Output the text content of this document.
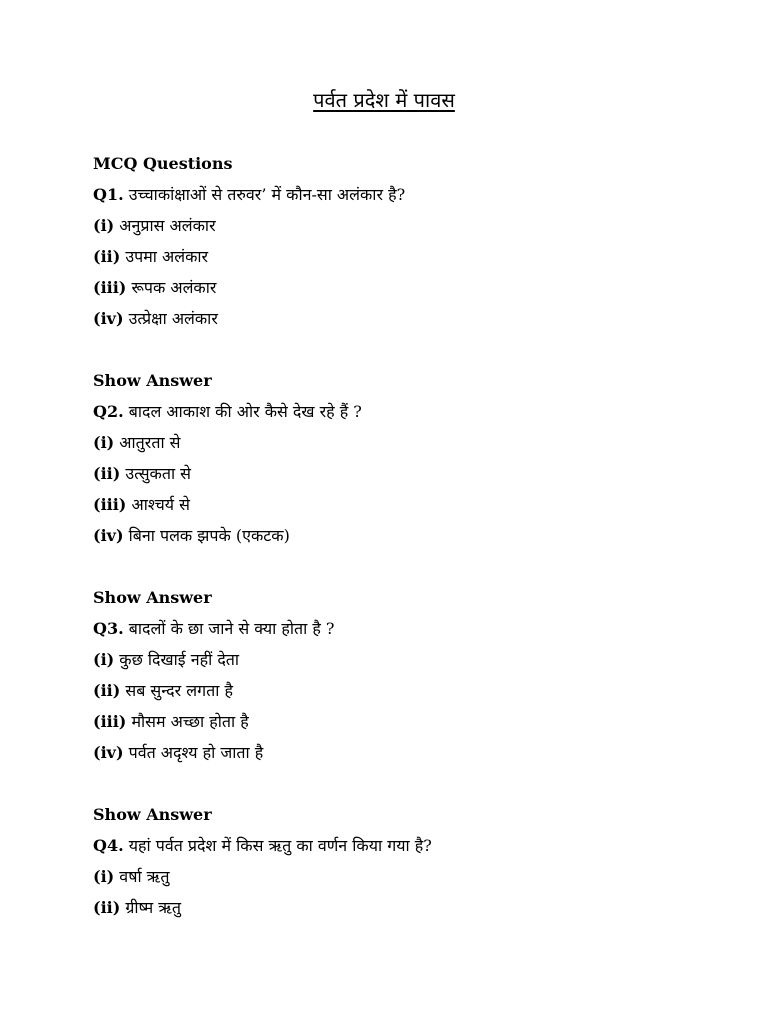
पर्वत प्रदेश में पावस
MCQ Questions
Q1. उच्चाकांक्षाओं से तरुवर’ में कौन-सा अलंकार है?
(i) अनुप्रास अलंकार
(ii) उपमा अलंकार
(iii) रूपक अलंकार
(iv) उत्प्रेक्षा अलंकार
Show Answer
Q2. बादल आकाश की ओर कैसे देख रहे हैं ?
(i) आतुरता से
(ii) उत्सुकता से
(iii) आश्चर्य से
(iv) बिना पलक झपके (एकटक)
Show Answer
Q3. बादलों के छा जाने से क्या होता है ?
(i) कुछ दिखाई नहीं देता
(ii) सब सुन्दर लगता है
(iii) मौसम अच्छा होता है
(iv) पर्वत अदृश्य हो जाता है
Show Answer
Q4. यहां पर्वत प्रदेश में किस ऋतु का वर्णन किया गया है?
(i) वर्षा ऋतु
(ii) ग्रीष्म ऋतु
